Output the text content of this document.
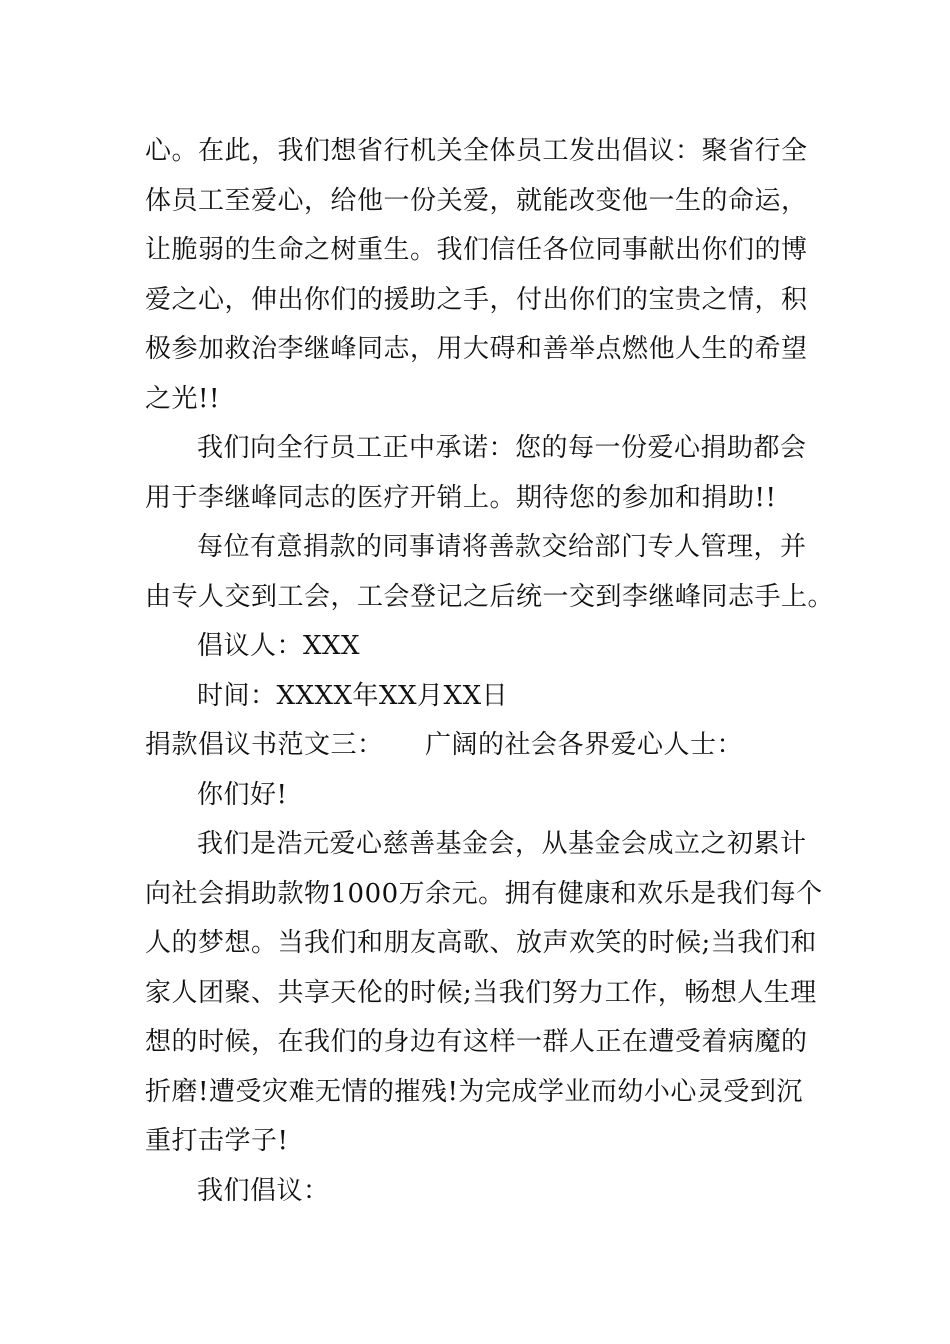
心。在此，我们想省行机关全体员工发出倡议：聚省行全
体员工至爱心，给他一份关爱，就能改变他一生的命运，
让脆弱的生命之树重生。我们信任各位同事献出你们的博
爱之心，伸出你们的援助之手，付出你们的宝贵之情，积
极参加救治李继峰同志，用大碍和善举点燃他人生的希望
之光!!
我们向全行员工正中承诺：您的每一份爱心捐助都会
用于李继峰同志的医疗开销上。期待您的参加和捐助!!
每位有意捐款的同事请将善款交给部门专人管理，并
由专人交到工会，工会登记之后统一交到李继峰同志手上。
倡议人：XXX
时间：XXXX年XX月XX日
捐款倡议书范文三： 广阔的社会各界爱心人士：
你们好!
我们是浩元爱心慈善基金会，从基金会成立之初累计
向社会捐助款物1000万余元。拥有健康和欢乐是我们每个
人的梦想。当我们和朋友高歌、放声欢笑的时候;当我们和
家人团聚、共享天伦的时候;当我们努力工作，畅想人生理
想的时候，在我们的身边有这样一群人正在遭受着病魔的
折磨!遭受灾难无情的摧残!为完成学业而幼小心灵受到沉
重打击学子!
我们倡议：
